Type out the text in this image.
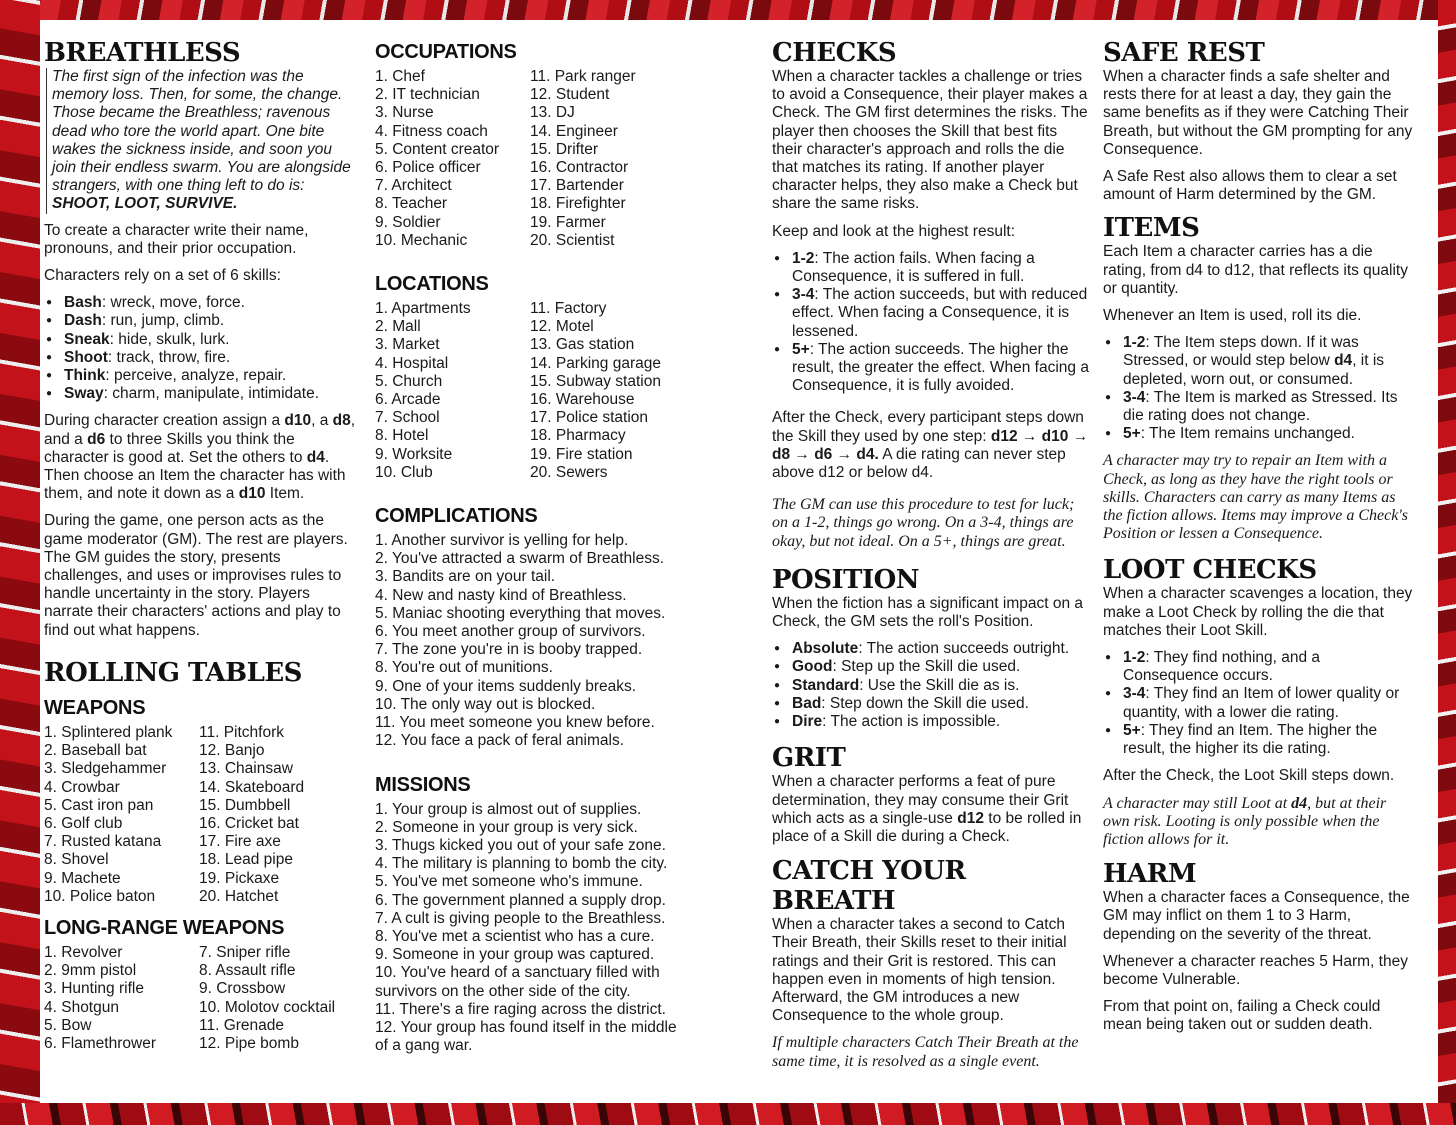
BREATHLESS

The first sign of the infection was the memory loss. Then, for some, the change. Those became the Breathless; ravenous dead who tore the world apart. One bite wakes the sickness inside, and soon you join their endless swarm. You are alongside strangers, with one thing left to do is: SHOOT, LOOT, SURVIVE.

To create a character write their name, pronouns, and their prior occupation.

Characters rely on a set of 6 skills:

● Bash: wreck, move, force.
● Dash: run, jump, climb.
● Sneak: hide, skulk, lurk.
● Shoot: track, throw, fire.
● Think: perceive, analyze, repair.
● Sway: charm, manipulate, intimidate.

During character creation assign a d10, a d8, and a d6 to three Skills you think the character is good at. Set the others to d4. Then choose an Item the character has with them, and note it down as a d10 Item.

During the game, one person acts as the game moderator (GM). The rest are players. The GM guides the story, presents challenges, and uses or improvises rules to handle uncertainty in the story. Players narrate their characters' actions and play to find out what happens.

ROLLING TABLES
WEAPONS
1. Splintered plank
2. Baseball bat
3. Sledgehammer
4. Crowbar
5. Cast iron pan
6. Golf club
7. Rusted katana
8. Shovel
9. Machete
10. Police baton
11. Pitchfork
12. Banjo
13. Chainsaw
14. Skateboard
15. Dumbbell
16. Cricket bat
17. Fire axe
18. Lead pipe
19. Pickaxe
20. Hatchet
LONG-RANGE WEAPONS
1. Revolver
2. 9mm pistol
3. Hunting rifle
4. Shotgun
5. Bow
6. Flamethrower
7. Sniper rifle
8. Assault rifle
9. Crossbow
10. Molotov cocktail
11. Grenade
12. Pipe bomb
OCCUPATIONS
1. Chef
2. IT technician
3. Nurse
4. Fitness coach
5. Content creator
6. Police officer
7. Architect
8. Teacher
9. Soldier
10. Mechanic
11. Park ranger
12. Student
13. DJ
14. Engineer
15. Drifter
16. Contractor
17. Bartender
18. Firefighter
19. Farmer
20. Scientist
LOCATIONS
1. Apartments
2. Mall
3. Market
4. Hospital
5. Church
6. Arcade
7. School
8. Hotel
9. Worksite
10. Club
11. Factory
12. Motel
13. Gas station
14. Parking garage
15. Subway station
16. Warehouse
17. Police station
18. Pharmacy
19. Fire station
20. Sewers
COMPLICATIONS
1. Another survivor is yelling for help.
2. You've attracted a swarm of Breathless.
3. Bandits are on your tail.
4. New and nasty kind of Breathless.
5. Maniac shooting everything that moves.
6. You meet another group of survivors.
7. The zone you're in is booby trapped.
8. You're out of munitions.
9. One of your items suddenly breaks.
10. The only way out is blocked.
11. You meet someone you knew before.
12. You face a pack of feral animals.
MISSIONS
1. Your group is almost out of supplies.
2. Someone in your group is very sick.
3. Thugs kicked you out of your safe zone.
4. The military is planning to bomb the city.
5. You've met someone who's immune.
6. The government planned a supply drop.
7. A cult is giving people to the Breathless.
8. You've met a scientist who has a cure.
9. Someone in your group was captured.
10. You've heard of a sanctuary filled with survivors on the other side of the city.
11. There's a fire raging across the district.
12. Your group has found itself in the middle of a gang war.
CHECKS

When a character tackles a challenge or tries to avoid a Consequence, their player makes a Check. The GM first determines the risks. The player then chooses the Skill that best fits their character's approach and rolls the die that matches its rating. If another player character helps, they also make a Check but share the same risks.

Keep and look at the highest result:

● 1-2: The action fails. When facing a Consequence, it is suffered in full.
● 3-4: The action succeeds, but with reduced effect. When facing a Consequence, it is lessened.
● 5+: The action succeeds. The higher the result, the greater the effect. When facing a Consequence, it is fully avoided.

After the Check, every participant steps down the Skill they used by one step: d12 → d10 → d8 → d6 → d4. A die rating can never step above d12 or below d4.

The GM can use this procedure to test for luck; on a 1-2, things go wrong. On a 3-4, things are okay, but not ideal. On a 5+, things are great.

POSITION

When the fiction has a significant impact on a Check, the GM sets the roll's Position.

● Absolute: The action succeeds outright.
● Good: Step up the Skill die used.
● Standard: Use the Skill die as is.
● Bad: Step down the Skill die used.
● Dire: The action is impossible.
GRIT

When a character performs a feat of pure determination, they may consume their Grit which acts as a single-use d12 to be rolled in place of a Skill die during a Check.

CATCH YOUR BREATH

When a character takes a second to Catch Their Breath, their Skills reset to their initial ratings and their Grit is restored. This can happen even in moments of high tension. Afterward, the GM introduces a new Consequence to the whole group.

If multiple characters Catch Their Breath at the same time, it is resolved as a single event.

SAFE REST

When a character finds a safe shelter and rests there for at least a day, they gain the same benefits as if they were Catching Their Breath, but without the GM prompting for any Consequence.

A Safe Rest also allows them to clear a set amount of Harm determined by the GM.

ITEMS

Each Item a character carries has a die rating, from d4 to d12, that reflects its quality or quantity.

Whenever an Item is used, roll its die.

● 1-2: The Item steps down. If it was Stressed, or would step below d4, it is depleted, worn out, or consumed.
● 3-4: The Item is marked as Stressed. Its die rating does not change.
● 5+: The Item remains unchanged.

A character may try to repair an Item with a Check, as long as they have the right tools or skills. Characters can carry as many Items as the fiction allows. Items may improve a Check's Position or lessen a Consequence.

LOOT CHECKS

When a character scavenges a location, they make a Loot Check by rolling the die that matches their Loot Skill.

● 1-2: They find nothing, and a Consequence occurs.
● 3-4: They find an Item of lower quality or quantity, with a lower die rating.
● 5+: They find an Item. The higher the result, the higher its die rating.

After the Check, the Loot Skill steps down.

A character may still Loot at d4, but at their own risk. Looting is only possible when the fiction allows for it.

HARM

When a character faces a Consequence, the GM may inflict on them 1 to 3 Harm, depending on the severity of the threat.

Whenever a character reaches 5 Harm, they become Vulnerable.

From that point on, failing a Check could mean being taken out or sudden death.
